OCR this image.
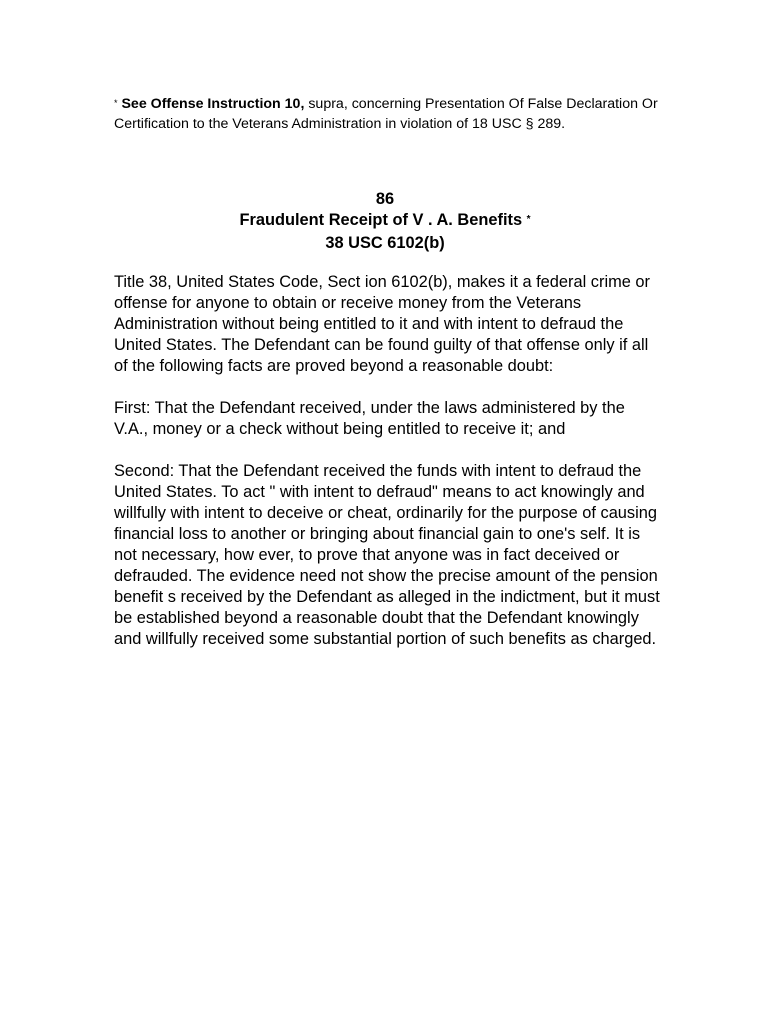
* See Offense Instruction 10, supra, concerning Presentation Of False Declaration Or Certification to the Veterans Administration in violation of 18 USC § 289.
86
Fraudulent Receipt of V . A. Benefits *
38 USC 6102(b)

Title 38, United States Code, Sect ion 6102(b), makes it a federal crime or offense for anyone to obtain or receive money from the Veterans Administration without being entitled to it and with intent to defraud the United States. The Defendant can be found guilty of that offense only if all of the following facts are proved beyond a reasonable doubt:

First: That the Defendant received, under the laws administered by the V.A., money or a check without being entitled to receive it; and

Second: That the Defendant received the funds with intent to defraud the United States. To act " with intent to defraud" means to act knowingly and willfully with intent to deceive or cheat, ordinarily for the purpose of causing financial loss to another or bringing about financial gain to one's self. It is not necessary, how ever, to prove that anyone was in fact deceived or defrauded. The evidence need not show the precise amount of the pension benefit s received by the Defendant as alleged in the indictment, but it must be established beyond a reasonable doubt that the Defendant knowingly and willfully received some substantial portion of such benefits as charged.
